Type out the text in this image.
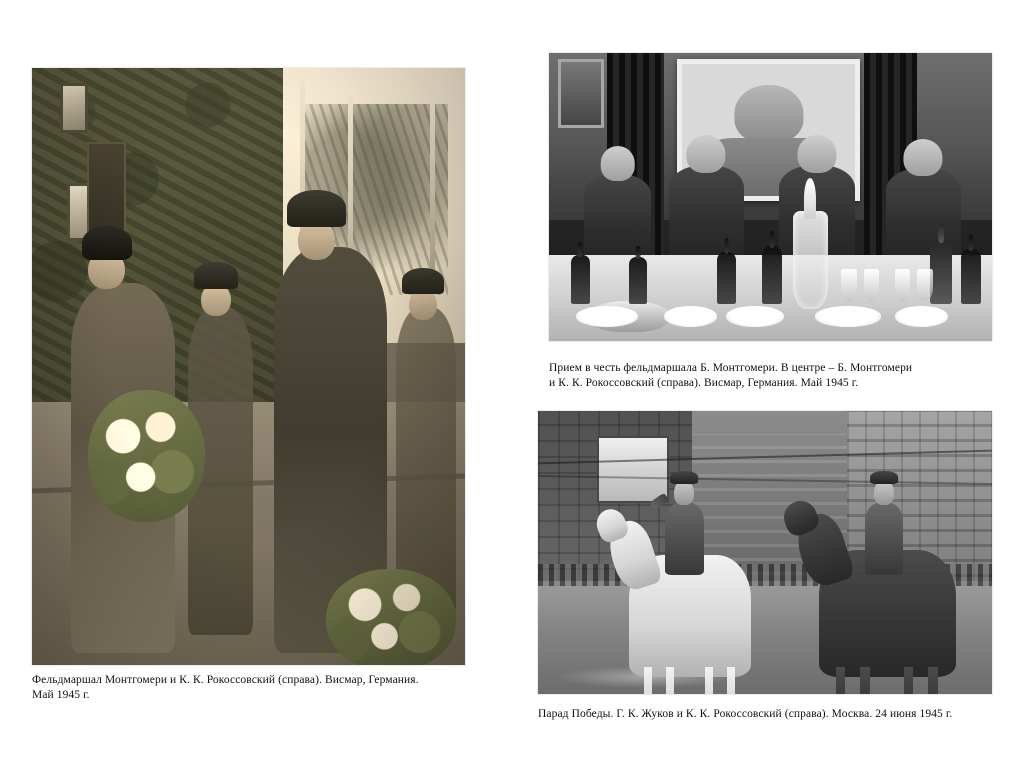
Фельдмаршал Монтгомери и К. К. Рокоссовский (справа). Висмар, Германия.
Май 1945 г.
Прием в честь фельдмаршала Б. Монтгомери. В центре – Б. Монтгомери
и К. К. Рокоссовский (справа). Висмар, Германия. Май 1945 г.
Парад Победы. Г. К. Жуков и К. К. Рокоссовский (справа). Москва. 24 июня 1945 г.
